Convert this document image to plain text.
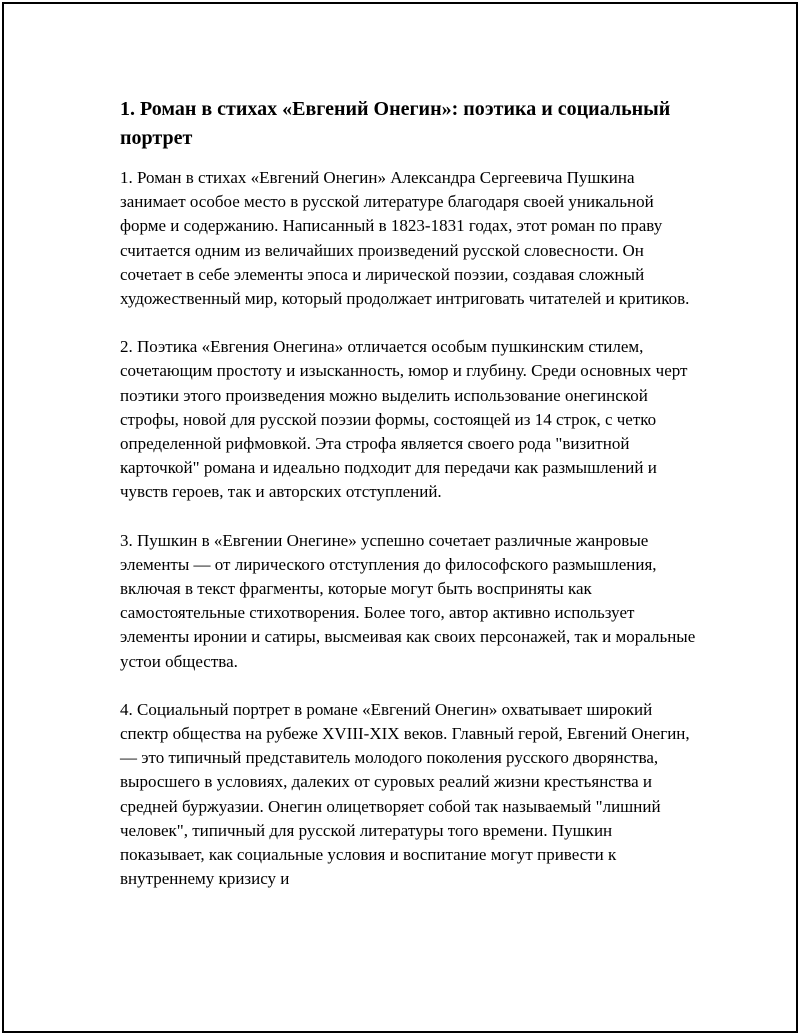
1. Роман в стихах «Евгений Онегин»: поэтика и социальный портрет

1. Роман в стихах «Евгений Онегин» Александра Сергеевича Пушкина занимает особое место в русской литературе благодаря своей уникальной форме и содержанию. Написанный в 1823-1831 годах, этот роман по праву считается одним из величайших произведений русской словесности. Он сочетает в себе элементы эпоса и лирической поэзии, создавая сложный художественный мир, который продолжает интриговать читателей и критиков.

2. Поэтика «Евгения Онегина» отличается особым пушкинским стилем, сочетающим простоту и изысканность, юмор и глубину. Среди основных черт поэтики этого произведения можно выделить использование онегинской строфы, новой для русской поэзии формы, состоящей из 14 строк, с четко определенной рифмовкой. Эта строфа является своего рода "визитной карточкой" романа и идеально подходит для передачи как размышлений и чувств героев, так и авторских отступлений.

3. Пушкин в «Евгении Онегине» успешно сочетает различные жанровые элементы — от лирического отступления до философского размышления, включая в текст фрагменты, которые могут быть восприняты как самостоятельные стихотворения. Более того, автор активно использует элементы иронии и сатиры, высмеивая как своих персонажей, так и моральные устои общества.

4. Социальный портрет в романе «Евгений Онегин» охватывает широкий спектр общества на рубеже XVIII-XIX веков. Главный герой, Евгений Онегин, — это типичный представитель молодого поколения русского дворянства, выросшего в условиях, далеких от суровых реалий жизни крестьянства и средней буржуазии. Онегин олицетворяет собой так называемый "лишний человек", типичный для русской литературы того времени. Пушкин показывает, как социальные условия и воспитание могут привести к внутреннему кризису и
